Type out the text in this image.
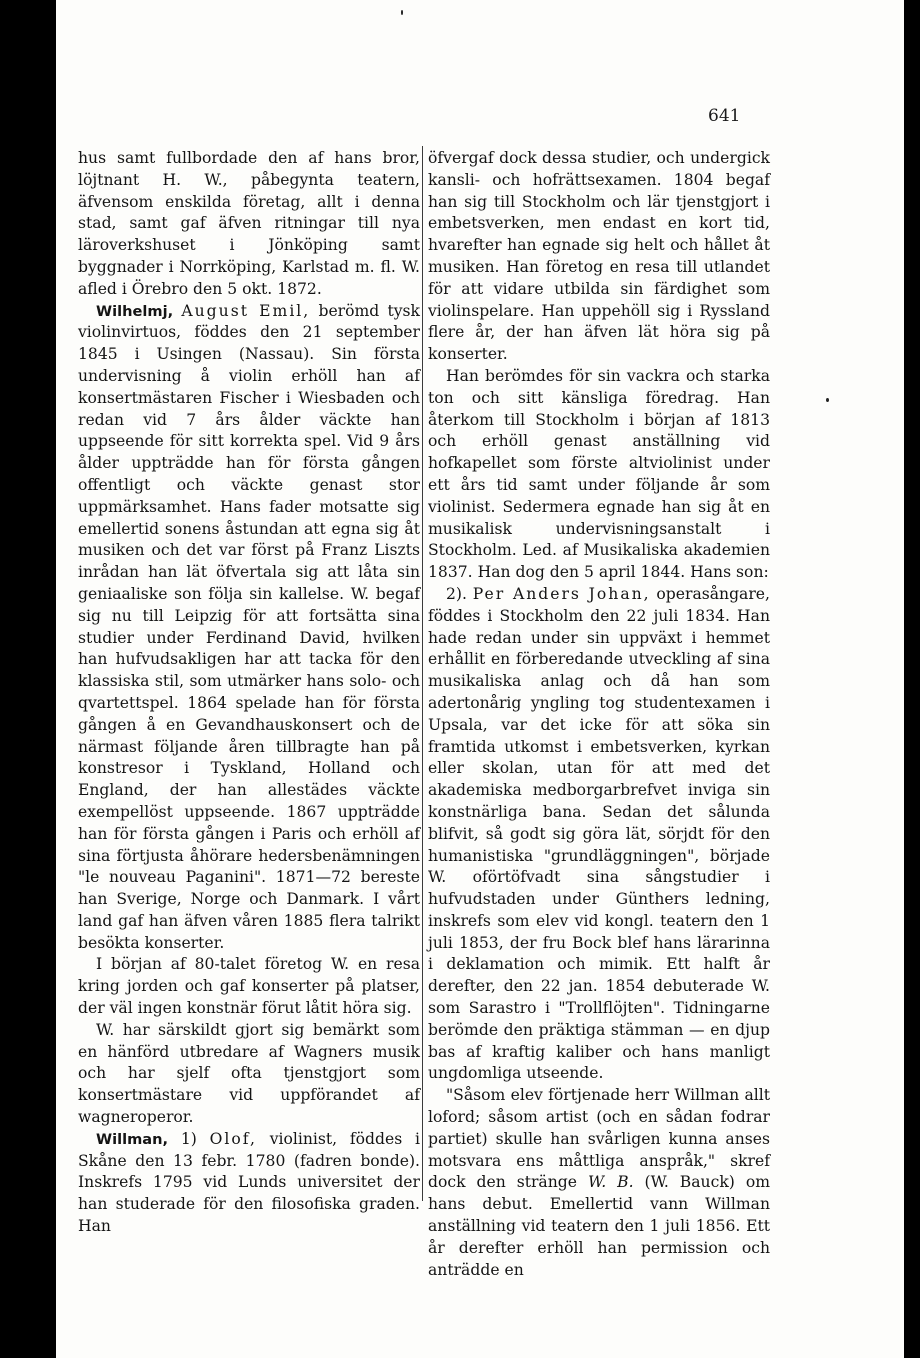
641

hus samt fullbordade den af hans bror, löjtnant H. W., påbegynta teatern, äfvensom enskilda företag, allt i denna stad, samt gaf äfven ritningar till nya läroverkshuset i Jönköping samt byggnader i Norrköping, Karlstad m. fl. W. afled i Örebro den 5 okt. 1872.

Wilhelmj, August Emil, berömd tysk violinvirtuos, föddes den 21 september 1845 i Usingen (Nassau). Sin första undervisning å violin erhöll han af konsertmästaren Fischer i Wiesbaden och redan vid 7 års ålder väckte han uppseende för sitt korrekta spel. Vid 9 års ålder uppträdde han för första gången offentligt och väckte genast stor uppmärksamhet. Hans fader motsatte sig emellertid sonens åstundan att egna sig åt musiken och det var först på Franz Liszts inrådan han lät öfvertala sig att låta sin geniaaliske son följa sin kallelse. W. begaf sig nu till Leipzig för att fortsätta sina studier under Ferdinand David, hvilken han hufvudsakligen har att tacka för den klassiska stil, som utmärker hans solo- och qvartettspel. 1864 spelade han för första gången å en Gevandhauskonsert och de närmast följande åren tillbragte han på konstresor i Tyskland, Holland och England, der han allestädes väckte exempellöst uppseende. 1867 uppträdde han för första gången i Paris och erhöll af sina förtjusta åhörare hedersbenämningen "le nouveau Paganini". 1871—72 bereste han Sverige, Norge och Danmark. I vårt land gaf han äfven våren 1885 flera talrikt besökta konserter.

I början af 80-talet företog W. en resa kring jorden och gaf konserter på platser, der väl ingen konstnär förut låtit höra sig.

W. har särskildt gjort sig bemärkt som en hänförd utbredare af Wagners musik och har sjelf ofta tjenstgjort som konsertmästare vid uppförandet af wagneroperor.

Willman, 1) Olof, violinist, föddes i Skåne den 13 febr. 1780 (fadren bonde). Inskrefs 1795 vid Lunds universitet der han studerade för den filosofiska graden. Han

öfvergaf dock dessa studier, och undergick kansli- och hofrättsexamen. 1804 begaf han sig till Stockholm och lär tjenstgjort i embetsverken, men endast en kort tid, hvarefter han egnade sig helt och hållet åt musiken. Han företog en resa till utlandet för att vidare utbilda sin färdighet som violinspelare. Han uppehöll sig i Ryssland flere år, der han äfven lät höra sig på konserter.

Han berömdes för sin vackra och starka ton och sitt känsliga föredrag. Han återkom till Stockholm i början af 1813 och erhöll genast anställning vid hofkapellet som förste altviolinist under ett års tid samt under följande år som violinist. Sedermera egnade han sig åt en musikalisk undervisningsanstalt i Stockholm. Led. af Musikaliska akademien 1837. Han dog den 5 april 1844. Hans son:

2). Per Anders Johan, operasångare, föddes i Stockholm den 22 juli 1834. Han hade redan under sin uppväxt i hemmet erhållit en förberedande utveckling af sina musikaliska anlag och då han som adertonårig yngling tog studentexamen i Upsala, var det icke för att söka sin framtida utkomst i embetsverken, kyrkan eller skolan, utan för att med det akademiska medborgarbrefvet inviga sin konstnärliga bana. Sedan det sålunda blifvit, så godt sig göra lät, sörjdt för den humanistiska "grundläggningen", började W. oförtöfvadt sina sångstudier i hufvudstaden under Günthers ledning, inskrefs som elev vid kongl. teatern den 1 juli 1853, der fru Bock blef hans lärarinna i deklamation och mimik. Ett halft år derefter, den 22 jan. 1854 debuterade W. som Sarastro i "Trollflöjten". Tidningarne berömde den präktiga stämman — en djup bas af kraftig kaliber och hans manligt ungdomliga utseende.

"Såsom elev förtjenade herr Willman allt loford; såsom artist (och en sådan fodrar partiet) skulle han svårligen kunna anses motsvara ens måttliga anspråk," skref dock den stränge W. B. (W. Bauck) om hans debut. Emellertid vann Willman anställning vid teatern den 1 juli 1856. Ett år derefter erhöll han permission och anträdde en
